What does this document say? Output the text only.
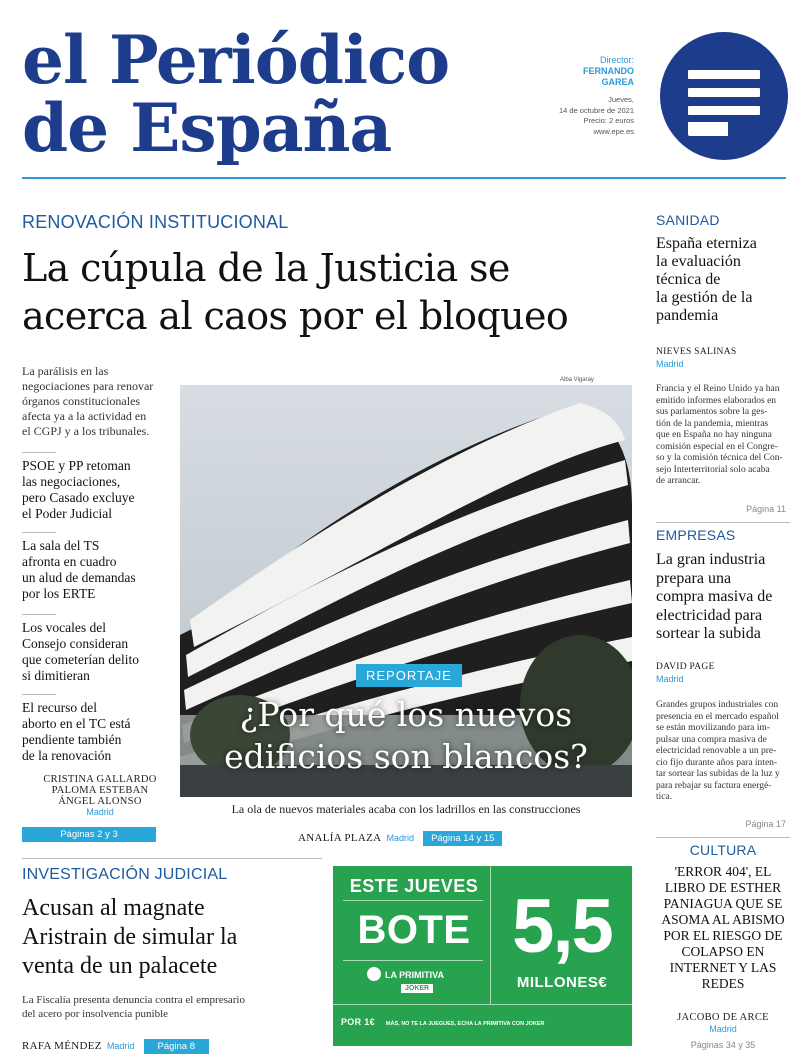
el Periódico
de España
Director:
FERNANDO
GAREA
Jueves,
14 de octubre de 2021
Precio: 2 euros
www.epe.es
RENOVACIÓN INSTITUCIONAL
La cúpula de la Justicia se
acerca al caos por el bloqueo
La parálisis en las
negociaciones para renovar
órganos constitucionales
afecta ya a la actividad en
el CGPJ y a los tribunales.
PSOE y PP retoman
las negociaciones,
pero Casado excluye
el Poder Judicial
La sala del TS
afronta en cuadro
un alud de demandas
por los ERTE
Los vocales del
Consejo consideran
que cometerían delito
si dimitieran
El recurso del
aborto en el TC está
pendiente también
de la renovación
CRISTINA GALLARDO
PALOMA ESTEBAN
ÁNGEL ALONSO
Madrid
Páginas 2 y 3
Alba Vigaray
REPORTAJE
¿Por qué los nuevos
edificios son blancos?
La ola de nuevos materiales acaba con los ladrillos en las construcciones
ANALÍA PLAZA Madrid Página 14 y 15
SANIDAD
España eterniza
la evaluación
técnica de
la gestión de la
pandemia
NIEVES SALINAS
Madrid
Francia y el Reino Unido ya han
emitido informes elaborados en
sus parlamentos sobre la ges-
tión de la pandemia, mientras
que en España no hay ninguna
comisión especial en el Congre-
so y la comisión técnica del Con-
sejo Interterritorial solo acaba
de arrancar.
Página 11
EMPRESAS
La gran industria
prepara una
compra masiva de
electricidad para
sortear la subida
DAVID PAGE
Madrid
Grandes grupos industriales con
presencia en el mercado español
se están movilizando para im-
pulsar una compra masiva de
electricidad renovable a un pre-
cio fijo durante años para inten-
tar sortear las subidas de la luz y
para rebajar su factura energé-
tica.
Página 17
CULTURA
'ERROR 404', EL
LIBRO DE ESTHER
PANIAGUA QUE SE
ASOMA AL ABISMO
POR EL RIESGO DE
COLAPSO EN
INTERNET Y LAS
REDES
JACOBO DE ARCE
Madrid
Páginas 34 y 35
INVESTIGACIÓN JUDICIAL
Acusan al magnate
Aristrain de simular la
venta de un palacete
La Fiscalía presenta denuncia contra el empresario
del acero por insolvencia punible
RAFA MÉNDEZ Madrid Página 8
ESTE JUEVES
BOTE
LA PRIMITIVA
JOKER
5,5
MILLONES€
POR 1€ MÁS, NO TE LA JUEGUES, ECHA LA PRIMITIVA CON JOKER
